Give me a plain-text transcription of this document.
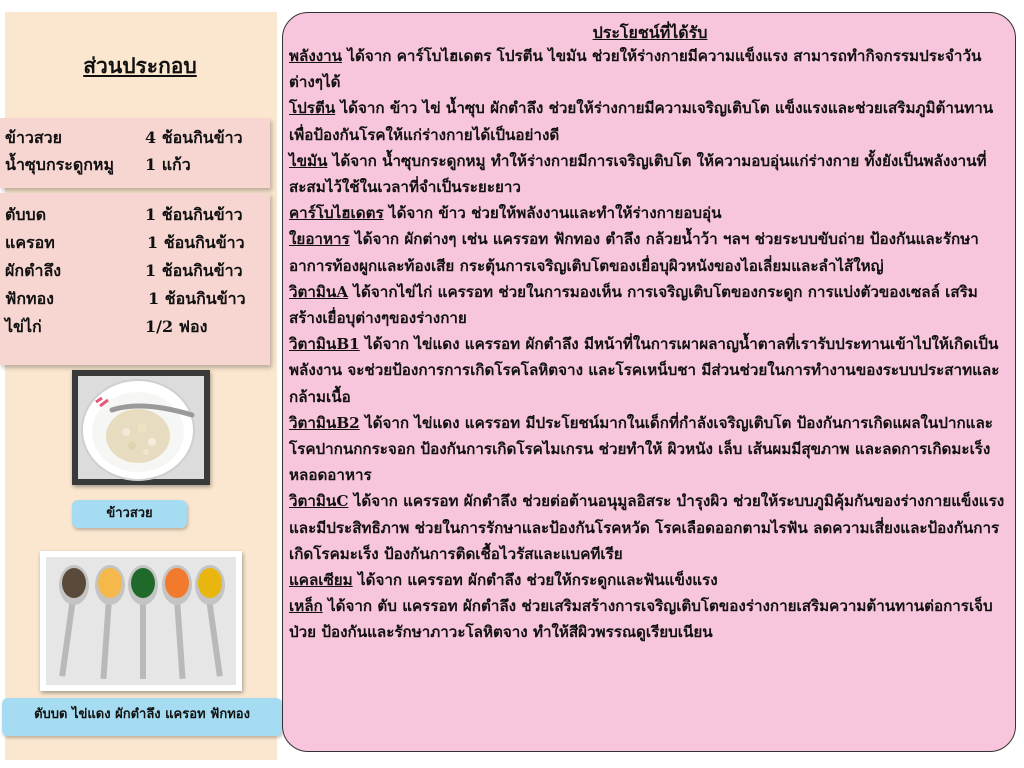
ส่วนประกอบ
ข้าวสวย	4 ช้อนกินข้าว
น้ำซุบกระดูกหมู 1 แก้ว
ตับบด	1 ช้อนกินข้าว
แครอท	1 ช้อนกินข้าว
ผักตำลึง	1 ช้อนกินข้าว
ฟักทอง	1 ช้อนกินข้าว
ไข่ไก่	1/2 ฟอง
ข้าวสวย
ตับบด ไข่แดง ผักตำลึง แครอท ฟักทอง
ประโยชน์ที่ได้รับ

พลังงาน ได้จาก คาร์โบไฮเดตร โปรตีน ไขมัน ช่วยให้ร่างกายมีความแข็งแรง สามารถทำกิจกรรมประจำวันต่างๆได้

โปรตีน ได้จาก ข้าว ไข่ น้ำซุบ ผักตำลึง ช่วยให้ร่างกายมีความเจริญเติบโต แข็งแรงและช่วยเสริมภูมิต้านทานเพื่อป้องกันโรคให้แก่ร่างกายได้เป็นอย่างดี

ไขมัน ได้จาก น้ำซุบกระดูกหมู ทำให้ร่างกายมีการเจริญเติบโต ให้ความอบอุ่นแก่ร่างกาย ทั้งยังเป็นพลังงานที่สะสมไว้ใช้ในเวลาที่จำเป็นระยะยาว

คาร์โบไฮเดตร ได้จาก ข้าว ช่วยให้พลังงานและทำให้ร่างกายอบอุ่น

ใยอาหาร ได้จาก ผักต่างๆ เช่น แครรอท ฟักทอง ตำลึง กล้วยน้ำว้า ฯลฯ ช่วยระบบขับถ่าย ป้องกันและรักษาอาการท้องผูกและท้องเสีย กระตุ้นการเจริญเติบโตของเยื่อบุผิวหนังของไอเลี่ยมและลำไส้ใหญ่

วิตามินA ได้จากไข่ไก่ แครรอท ช่วยในการมองเห็น การเจริญเติบโตของกระดูก การแบ่งตัวของเซลล์ เสริมสร้างเยื่อบุต่างๆของร่างกาย

วิตามินB1 ได้จาก ไข่แดง แครรอท ผักตำลึง มีหน้าที่ในการเผาผลาญน้ำตาลที่เรารับประทานเข้าไปให้เกิดเป็นพลังงาน จะช่วยป้องการการเกิดโรคโลหิตจาง และโรคเหน็บชา มีส่วนช่วยในการทำงานของระบบประสาทและกล้ามเนื้อ

วิตามินB2 ได้จาก ไข่แดง แครรอท มีประโยชน์มากในเด็กที่กำลังเจริญเติบโต ป้องกันการเกิดแผลในปากและโรคปากนกกระจอก ป้องกันการเกิดโรคไมเกรน ช่วยทำให้ ผิวหนัง เล็บ เส้นผมมีสุขภาพ และลดการเกิดมะเร็งหลอดอาหาร

วิตามินC ได้จาก แครรอท ผักตำลึง ช่วยต่อต้านอนุมูลอิสระ บำรุงผิว ช่วยให้ระบบภูมิคุ้มกันของร่างกายแข็งแรงและมีประสิทธิภาพ ช่วยในการรักษาและป้องกันโรคหวัด โรคเลือดออกตามไรฟัน ลดความเสี่ยงและป้องกันการเกิดโรคมะเร็ง ป้องกันการติดเชื้อไวรัสและแบคทีเรีย

แคลเซียม ได้จาก แครรอท ผักตำลึง ช่วยให้กระดูกและฟันแข็งแรง

เหล็ก ได้จาก ตับ แครรอท ผักตำลึง ช่วยเสริมสร้างการเจริญเติบโตของร่างกายเสริมความต้านทานต่อการเจ็บป่วย ป้องกันและรักษาภาวะโลหิตจาง ทำให้สีผิวพรรณดูเรียบเนียน
